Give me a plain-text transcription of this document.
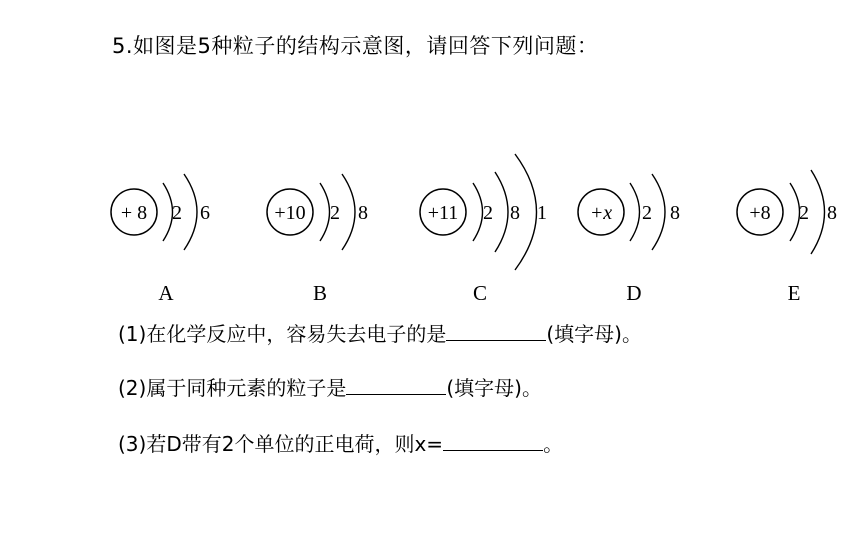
5.如图是5种粒子的结构示意图，请回答下列问题：
+ 8 2 6
A
+10 2 8
B
+11 2 8 1
C
+x 2 8
D
+8 2 8
E
(1)在化学反应中，容易失去电子的是	(填字母)。
(2)属于同种元素的粒子是	(填字母)。
(3)若D带有2个单位的正电荷，则x=	。
